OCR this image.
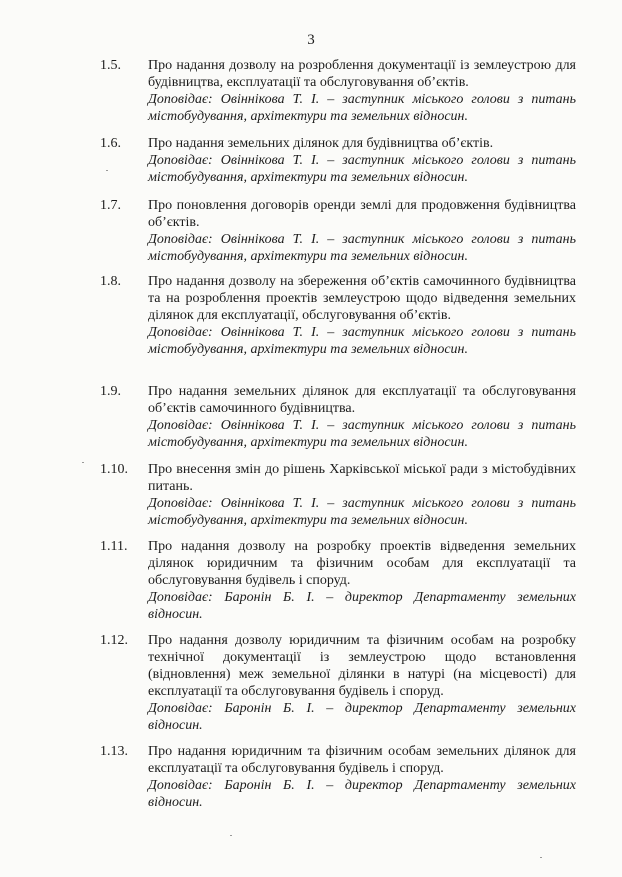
3
1.5. Про надання дозволу на розроблення документації із землеустрою для будівництва, експлуатації та обслуговування об’єктів.
Доповідає: Овіннікова Т. І. – заступник міського голови з питань містобудування, архітектури та земельних відносин.
1.6. Про надання земельних ділянок для будівництва об’єктів.
Доповідає: Овіннікова Т. І. – заступник міського голови з питань містобудування, архітектури та земельних відносин.
1.7. Про поновлення договорів оренди землі для продовження будівництва об’єктів.
Доповідає: Овіннікова Т. І. – заступник міського голови з питань містобудування, архітектури та земельних відносин.
1.8. Про надання дозволу на збереження об’єктів самочинного будівництва та на розроблення проектів землеустрою щодо відведення земельних ділянок для експлуатації, обслуговування об’єктів.
Доповідає: Овіннікова Т. І. – заступник міського голови з питань містобудування, архітектури та земельних відносин.
1.9. Про надання земельних ділянок для експлуатації та обслуговування об’єктів самочинного будівництва.
Доповідає: Овіннікова Т. І. – заступник міського голови з питань містобудування, архітектури та земельних відносин.
1.10. Про внесення змін до рішень Харківської міської ради з містобудівних питань.
Доповідає: Овіннікова Т. І. – заступник міського голови з питань містобудування, архітектури та земельних відносин.
1.11. Про надання дозволу на розробку проектів відведення земельних ділянок юридичним та фізичним особам для експлуатації та обслуговування будівель і споруд.
Доповідає: Баронін Б. І. – директор Департаменту земельних відносин.
1.12. Про надання дозволу юридичним та фізичним особам на розробку технічної документації із землеустрою щодо встановлення (відновлення) меж земельної ділянки в натурі (на місцевості) для експлуатації та обслуговування будівель і споруд.
Доповідає: Баронін Б. І. – директор Департаменту земельних відносин.
1.13. Про надання юридичним та фізичним особам земельних ділянок для експлуатації та обслуговування будівель і споруд.
Доповідає: Баронін Б. І. – директор Департаменту земельних відносин.
